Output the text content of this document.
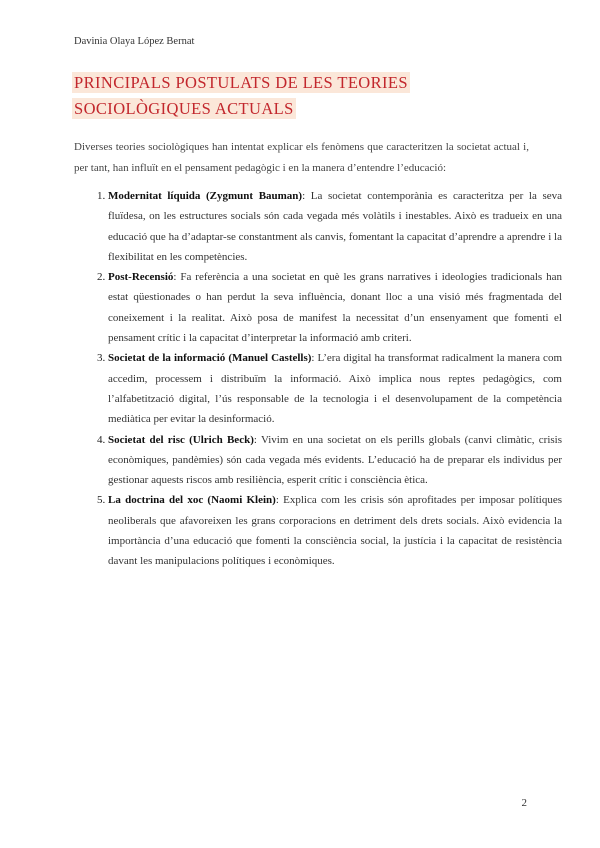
Davinia Olaya López Bernat
PRINCIPALS POSTULATS DE LES TEORIES SOCIOLÒGIQUES ACTUALS

Diverses teories sociològiques han intentat explicar els fenòmens que caracteritzen la societat actual i, per tant, han influït en el pensament pedagògic i en la manera d’entendre l’educació:

1. Modernitat líquida (Zygmunt Bauman): La societat contemporània es caracteritza per la seva fluïdesa, on les estructures socials són cada vegada més volàtils i inestables. Això es tradueix en una educació que ha d’adaptar-se constantment als canvis, fomentant la capacitat d’aprendre a aprendre i la flexibilitat en les competències.
2. Post-Recensió: Fa referència a una societat en què les grans narratives i ideologies tradicionals han estat qüestionades o han perdut la seva influència, donant lloc a una visió més fragmentada del coneixement i la realitat. Això posa de manifest la necessitat d’un ensenyament que fomenti el pensament crític i la capacitat d’interpretar la informació amb criteri.
3. Societat de la informació (Manuel Castells): L’era digital ha transformat radicalment la manera com accedim, processem i distribuïm la informació. Això implica nous reptes pedagògics, com l’alfabetització digital, l’ús responsable de la tecnologia i el desenvolupament de la competència mediàtica per evitar la desinformació.
4. Societat del risc (Ulrich Beck): Vivim en una societat on els perills globals (canvi climàtic, crisis econòmiques, pandèmies) són cada vegada més evidents. L’educació ha de preparar els individus per gestionar aquests riscos amb resiliència, esperit crític i consciència ètica.
5. La doctrina del xoc (Naomi Klein): Explica com les crisis són aprofitades per imposar polítiques neoliberals que afavoreixen les grans corporacions en detriment dels drets socials. Això evidencia la importància d’una educació que fomenti la consciència social, la justícia i la capacitat de resistència davant les manipulacions polítiques i econòmiques.
2
